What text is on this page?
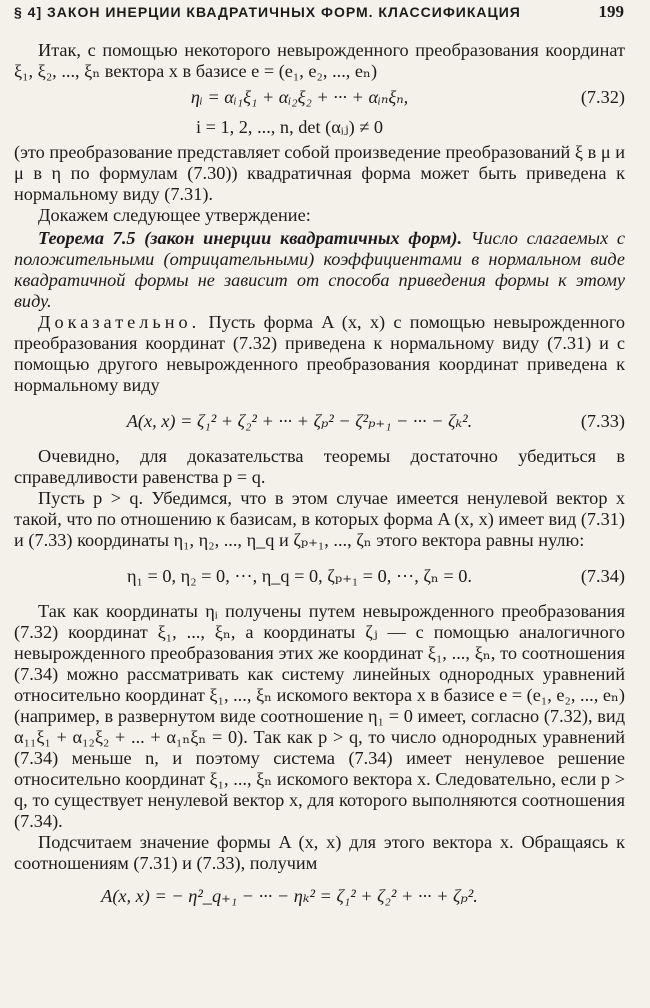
§ 4] ЗАКОН ИНЕРЦИИ КВАДРАТИЧНЫХ ФОРМ. КЛАССИФИКАЦИЯ	199

Итак, с помощью некоторого невырожденного преобразования координат ξ₁, ξ₂, ..., ξₙ вектора x в базисе e = (e₁, e₂, ..., eₙ)

ηᵢ = αᵢ₁ξ₁ + αᵢ₂ξ₂ + ··· + αᵢₙξₙ,	(7.32)
i = 1, 2, ..., n, det (αᵢⱼ) ≠ 0

(это преобразование представляет собой произведение преобразований ξ в μ и μ в η по формулам (7.30)) квадратичная форма может быть приведена к нормальному виду (7.31).

Докажем следующее утверждение:

Теорема 7.5 (закон инерции квадратичных форм). Число слагаемых с положительными (отрицательными) коэффициентами в нормальном виде квадратичной формы не зависит от способа приведения формы к этому виду.

Доказательно. Пусть форма A (x, x) с помощью невырожденного преобразования координат (7.32) приведена к нормальному виду (7.31) и с помощью другого невырожденного преобразования координат приведена к нормальному виду

A(x, x) = ζ₁² + ζ₂² + ··· + ζₚ² − ζ²ₚ₊₁ − ··· − ζₖ².	(7.33)

Очевидно, для доказательства теоремы достаточно убедиться в справедливости равенства p = q.

Пусть p > q. Убедимся, что в этом случае имеется ненулевой вектор x такой, что по отношению к базисам, в которых форма A (x, x) имеет вид (7.31) и (7.33) координаты η₁, η₂, ..., η_q и ζₚ₊₁, ..., ζₙ этого вектора равны нулю:

η₁ = 0, η₂ = 0, ···, η_q = 0, ζₚ₊₁ = 0, ···, ζₙ = 0.	(7.34)

Так как координаты ηᵢ получены путем невырожденного преобразования (7.32) координат ξ₁, ..., ξₙ, а координаты ζⱼ — с помощью аналогичного невырожденного преобразования этих же координат ξ₁, ..., ξₙ, то соотношения (7.34) можно рассматривать как систему линейных однородных уравнений относительно координат ξ₁, ..., ξₙ искомого вектора x в базисе e = (e₁, e₂, ..., eₙ) (например, в развернутом виде соотношение η₁ = 0 имеет, согласно (7.32), вид α₁₁ξ₁ + α₁₂ξ₂ + ... + α₁ₙξₙ = 0). Так как p > q, то число однородных уравнений (7.34) меньше n, и поэтому система (7.34) имеет ненулевое решение относительно координат ξ₁, ..., ξₙ искомого вектора x. Следовательно, если p > q, то существует ненулевой вектор x, для которого выполняются соотношения (7.34).

Подсчитаем значение формы A (x, x) для этого вектора x. Обращаясь к соотношениям (7.31) и (7.33), получим

A(x, x) = − η²_q₊₁ − ··· − ηₖ² = ζ₁² + ζ₂² + ··· + ζₚ².
